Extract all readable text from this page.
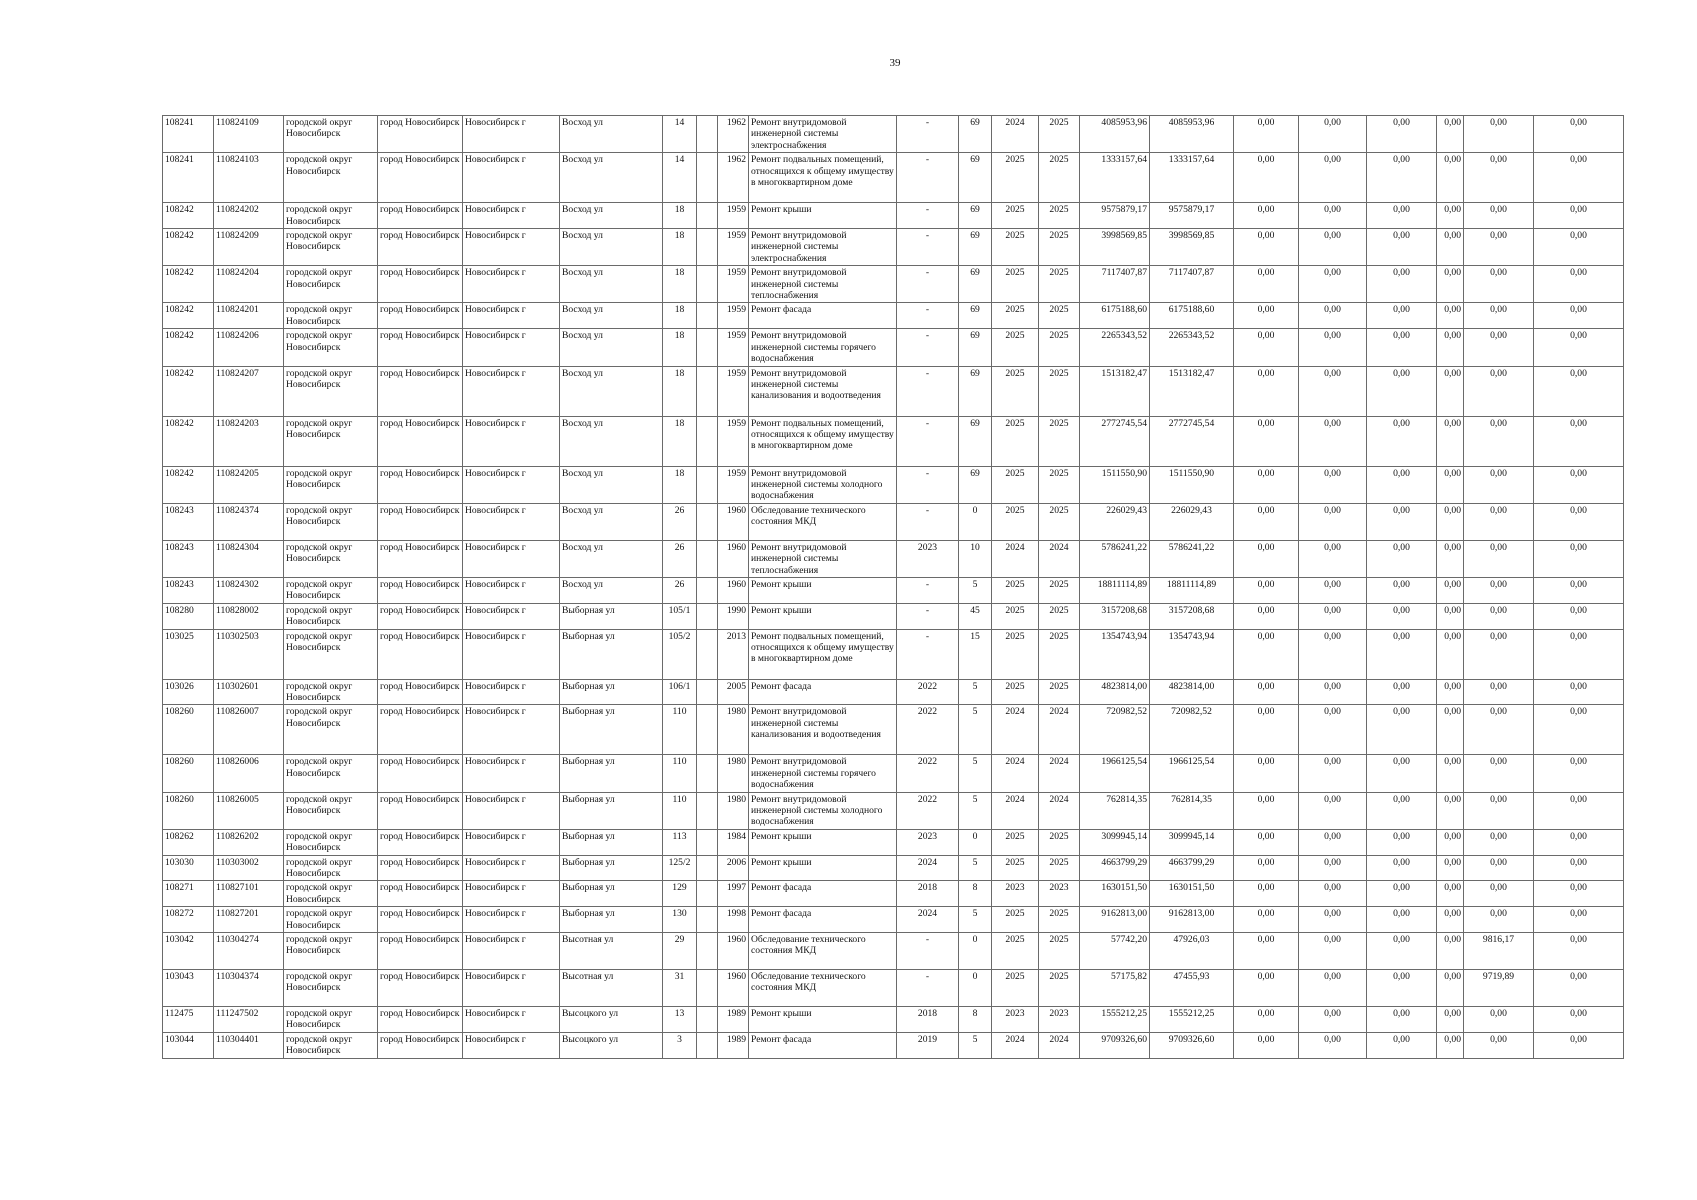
39
108241	110824109	городской округ Новосибирск	город Новосибирск	Новосибирск г	Восход ул	14		1962	Ремонт внутридомовой инженерной системы электроснабжения	-	69	2024	2025	4085953,96	4085953,96	0,00	0,00	0,00	0,00	0,00	0,00
108241	110824103	городской округ Новосибирск	город Новосибирск	Новосибирск г	Восход ул	14		1962	Ремонт подвальных помещений, относящихся к общему имуществу в многоквартирном доме	-	69	2025	2025	1333157,64	1333157,64	0,00	0,00	0,00	0,00	0,00	0,00
108242	110824202	городской округ Новосибирск	город Новосибирск	Новосибирск г	Восход ул	18		1959	Ремонт крыши	-	69	2025	2025	9575879,17	9575879,17	0,00	0,00	0,00	0,00	0,00	0,00
108242	110824209	городской округ Новосибирск	город Новосибирск	Новосибирск г	Восход ул	18		1959	Ремонт внутридомовой инженерной системы электроснабжения	-	69	2025	2025	3998569,85	3998569,85	0,00	0,00	0,00	0,00	0,00	0,00
108242	110824204	городской округ Новосибирск	город Новосибирск	Новосибирск г	Восход ул	18		1959	Ремонт внутридомовой инженерной системы теплоснабжения	-	69	2025	2025	7117407,87	7117407,87	0,00	0,00	0,00	0,00	0,00	0,00
108242	110824201	городской округ Новосибирск	город Новосибирск	Новосибирск г	Восход ул	18		1959	Ремонт фасада	-	69	2025	2025	6175188,60	6175188,60	0,00	0,00	0,00	0,00	0,00	0,00
108242	110824206	городской округ Новосибирск	город Новосибирск	Новосибирск г	Восход ул	18		1959	Ремонт внутридомовой инженерной системы горячего водоснабжения	-	69	2025	2025	2265343,52	2265343,52	0,00	0,00	0,00	0,00	0,00	0,00
108242	110824207	городской округ Новосибирск	город Новосибирск	Новосибирск г	Восход ул	18		1959	Ремонт внутридомовой инженерной системы канализования и водоотведения	-	69	2025	2025	1513182,47	1513182,47	0,00	0,00	0,00	0,00	0,00	0,00
108242	110824203	городской округ Новосибирск	город Новосибирск	Новосибирск г	Восход ул	18		1959	Ремонт подвальных помещений, относящихся к общему имуществу в многоквартирном доме	-	69	2025	2025	2772745,54	2772745,54	0,00	0,00	0,00	0,00	0,00	0,00
108242	110824205	городской округ Новосибирск	город Новосибирск	Новосибирск г	Восход ул	18		1959	Ремонт внутридомовой инженерной системы холодного водоснабжения	-	69	2025	2025	1511550,90	1511550,90	0,00	0,00	0,00	0,00	0,00	0,00
108243	110824374	городской округ Новосибирск	город Новосибирск	Новосибирск г	Восход ул	26		1960	Обследование технического состояния МКД	-	0	2025	2025	226029,43	226029,43	0,00	0,00	0,00	0,00	0,00	0,00
108243	110824304	городской округ Новосибирск	город Новосибирск	Новосибирск г	Восход ул	26		1960	Ремонт внутридомовой инженерной системы теплоснабжения	2023	10	2024	2024	5786241,22	5786241,22	0,00	0,00	0,00	0,00	0,00	0,00
108243	110824302	городской округ Новосибирск	город Новосибирск	Новосибирск г	Восход ул	26		1960	Ремонт крыши	-	5	2025	2025	18811114,89	18811114,89	0,00	0,00	0,00	0,00	0,00	0,00
108280	110828002	городской округ Новосибирск	город Новосибирск	Новосибирск г	Выборная ул	105/1		1990	Ремонт крыши	-	45	2025	2025	3157208,68	3157208,68	0,00	0,00	0,00	0,00	0,00	0,00
103025	110302503	городской округ Новосибирск	город Новосибирск	Новосибирск г	Выборная ул	105/2		2013	Ремонт подвальных помещений, относящихся к общему имуществу в многоквартирном доме	-	15	2025	2025	1354743,94	1354743,94	0,00	0,00	0,00	0,00	0,00	0,00
103026	110302601	городской округ Новосибирск	город Новосибирск	Новосибирск г	Выборная ул	106/1		2005	Ремонт фасада	2022	5	2025	2025	4823814,00	4823814,00	0,00	0,00	0,00	0,00	0,00	0,00
108260	110826007	городской округ Новосибирск	город Новосибирск	Новосибирск г	Выборная ул	110		1980	Ремонт внутридомовой инженерной системы канализования и водоотведения	2022	5	2024	2024	720982,52	720982,52	0,00	0,00	0,00	0,00	0,00	0,00
108260	110826006	городской округ Новосибирск	город Новосибирск	Новосибирск г	Выборная ул	110		1980	Ремонт внутридомовой инженерной системы горячего водоснабжения	2022	5	2024	2024	1966125,54	1966125,54	0,00	0,00	0,00	0,00	0,00	0,00
108260	110826005	городской округ Новосибирск	город Новосибирск	Новосибирск г	Выборная ул	110		1980	Ремонт внутридомовой инженерной системы холодного водоснабжения	2022	5	2024	2024	762814,35	762814,35	0,00	0,00	0,00	0,00	0,00	0,00
108262	110826202	городской округ Новосибирск	город Новосибирск	Новосибирск г	Выборная ул	113		1984	Ремонт крыши	2023	0	2025	2025	3099945,14	3099945,14	0,00	0,00	0,00	0,00	0,00	0,00
103030	110303002	городской округ Новосибирск	город Новосибирск	Новосибирск г	Выборная ул	125/2		2006	Ремонт крыши	2024	5	2025	2025	4663799,29	4663799,29	0,00	0,00	0,00	0,00	0,00	0,00
108271	110827101	городской округ Новосибирск	город Новосибирск	Новосибирск г	Выборная ул	129		1997	Ремонт фасада	2018	8	2023	2023	1630151,50	1630151,50	0,00	0,00	0,00	0,00	0,00	0,00
108272	110827201	городской округ Новосибирск	город Новосибирск	Новосибирск г	Выборная ул	130		1998	Ремонт фасада	2024	5	2025	2025	9162813,00	9162813,00	0,00	0,00	0,00	0,00	0,00	0,00
103042	110304274	городской округ Новосибирск	город Новосибирск	Новосибирск г	Высотная ул	29		1960	Обследование технического состояния МКД	-	0	2025	2025	57742,20	47926,03	0,00	0,00	0,00	0,00	9816,17	0,00
103043	110304374	городской округ Новосибирск	город Новосибирск	Новосибирск г	Высотная ул	31		1960	Обследование технического состояния МКД	-	0	2025	2025	57175,82	47455,93	0,00	0,00	0,00	0,00	9719,89	0,00
112475	111247502	городской округ Новосибирск	город Новосибирск	Новосибирск г	Высоцкого ул	13		1989	Ремонт крыши	2018	8	2023	2023	1555212,25	1555212,25	0,00	0,00	0,00	0,00	0,00	0,00
103044	110304401	городской округ Новосибирск	город Новосибирск	Новосибирск г	Высоцкого ул	3		1989	Ремонт фасада	2019	5	2024	2024	9709326,60	9709326,60	0,00	0,00	0,00	0,00	0,00	0,00
